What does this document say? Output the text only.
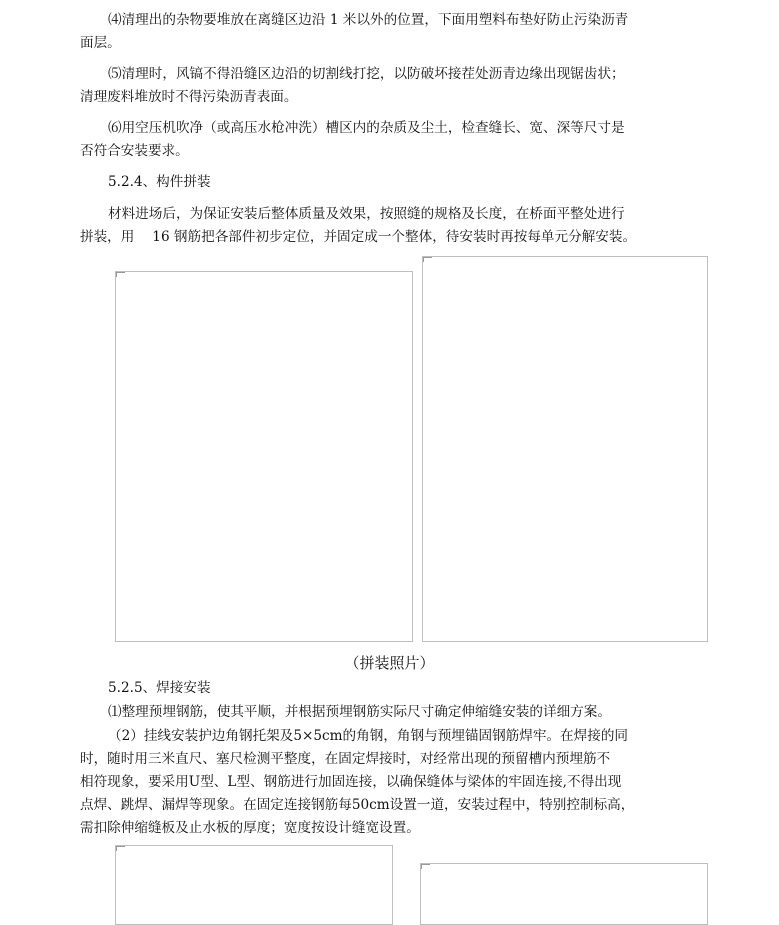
⑷清理出的杂物要堆放在离缝区边沿 1 米以外的位置，下面用塑料布垫好防止污染沥青
面层。

⑸清理时，风镐不得沿缝区边沿的切割线打挖，以防破坏接茬处沥青边缘出现锯齿状；
清理废料堆放时不得污染沥青表面。

⑹用空压机吹净（或高压水枪冲洗）槽区内的杂质及尘土，检查缝长、宽、深等尺寸是
否符合安装要求。

5.2.4、构件拼装

材料进场后，为保证安装后整体质量及效果，按照缝的规格及长度，在桥面平整处进行
拼装，用　 16 钢筋把各部件初步定位，并固定成一个整体，待安装时再按每单元分解安装。

（拼装照片）
5.2.5、焊接安装

⑴整理预埋钢筋，使其平顺，并根据预埋钢筋实际尺寸确定伸缩缝安装的详细方案。

（2）挂线安装护边角钢托架及5×5cm的角钢，角钢与预埋锚固钢筋焊牢。在焊接的同
时，随时用三米直尺、塞尺检测平整度，在固定焊接时，对经常出现的预留槽内预埋筋不
相符现象，要采用U型、L型、钢筋进行加固连接，以确保缝体与梁体的牢固连接,不得出现
点焊、跳焊、漏焊等现象。在固定连接钢筋每50cm设置一道，安装过程中，特别控制标高，
需扣除伸缩缝板及止水板的厚度；宽度按设计缝宽设置。
